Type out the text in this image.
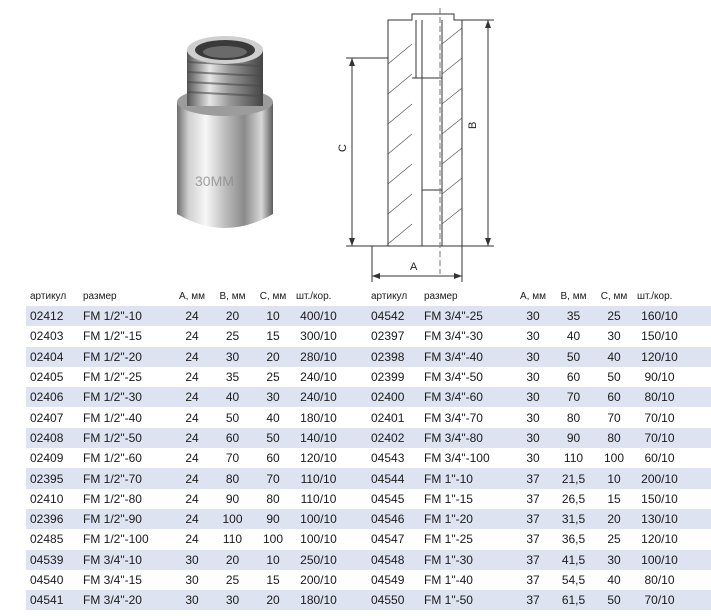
30MM
C
B
A
артикул	размер	А, мм	В, мм	С, мм шт./кор.
02412	FM 1/2"-10	24	20	10	400/10
02403	FM 1/2"-15	24	25	15	300/10
02404	FM 1/2"-20	24	30	20	280/10
02405	FM 1/2"-25	24	35	25	240/10
02406	FM 1/2"-30	24	40	30	240/10
02407	FM 1/2"-40	24	50	40	180/10
02408	FM 1/2"-50	24	60	50	140/10
02409	FM 1/2"-60	24	70	60	120/10
02395	FM 1/2"-70	24	80	70	110/10
02410	FM 1/2"-80	24	90	80	110/10
02396	FM 1/2"-90	24	100	90	100/10
02485	FM 1/2"-100	24	110	100	100/10
04539	FM 3/4"-10	30	20	10	250/10
04540	FM 3/4"-15	30	25	15	200/10
04541	FM 3/4"-20	30	30	20	180/10
артикул	размер	А, мм	В, мм	С, мм шт./кор.
04542	FM 3/4"-25	30	35	25	160/10
02397	FM 3/4"-30	30	40	30	150/10
02398	FM 3/4"-40	30	50	40	120/10
02399	FM 3/4"-50	30	60	50	90/10
02400	FM 3/4"-60	30	70	60	80/10
02401	FM 3/4"-70	30	80	70	70/10
02402	FM 3/4"-80	30	90	80	70/10
04543	FM 3/4"-100	30	110	100	60/10
04544	FM 1"-10	37	21,5	10	200/10
04545	FM 1"-15	37	26,5	15	150/10
04546	FM 1"-20	37	31,5	20	130/10
04547	FM 1"-25	37	36,5	25	120/10
04548	FM 1"-30	37	41,5	30	100/10
04549	FM 1"-40	37	54,5	40	80/10
04550	FM 1"-50	37	61,5	50	70/10
